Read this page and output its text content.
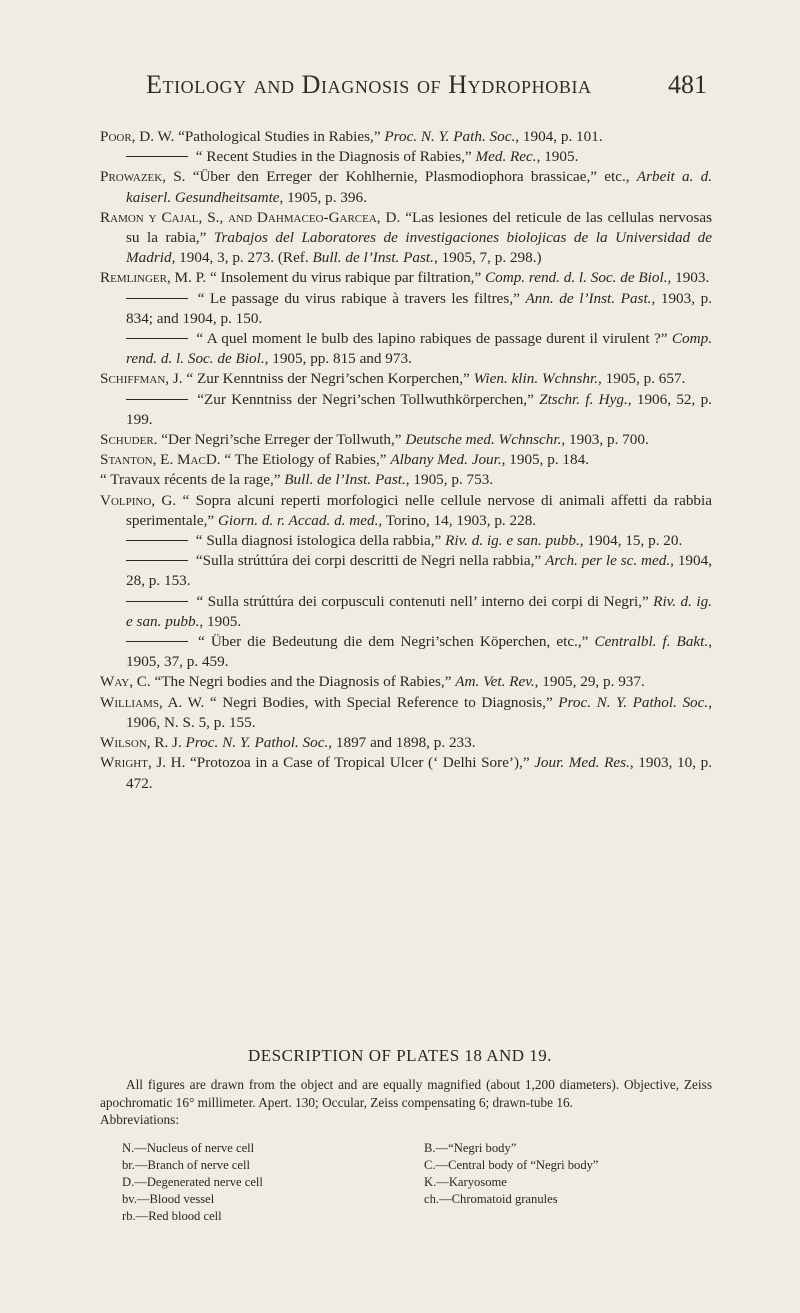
Etiology and Diagnosis of Hydrophobia	481

Poor, D. W. “Pathological Studies in Rabies,” Proc. N. Y. Path. Soc., 1904, p. 101.

“ Recent Studies in the Diagnosis of Rabies,” Med. Rec., 1905.

Prowazek, S. “Über den Erreger der Kohlhernie, Plasmodiophora brassicae,” etc., Arbeit a. d. kaiserl. Gesundheitsamte, 1905, p. 396.

Ramon y Cajal, S., and Dahmaceo-Garcea, D. “Las lesiones del reticule de las cellulas nervosas su la rabia,” Trabajos del Laboratores de investigaciones biolojicas de la Universidad de Madrid, 1904, 3, p. 273. (Ref. Bull. de l’Inst. Past., 1905, 7, p. 298.)

Remlinger, M. P. “ Insolement du virus rabique par filtration,” Comp. rend. d. l. Soc. de Biol., 1903.

“ Le passage du virus rabique à travers les filtres,” Ann. de l’Inst. Past., 1903, p. 834; and 1904, p. 150.

“ A quel moment le bulb des lapino rabiques de passage durent il virulent ?” Comp. rend. d. l. Soc. de Biol., 1905, pp. 815 and 973.

Schiffman, J. “ Zur Kenntniss der Negri’schen Korperchen,” Wien. klin. Wchnshr., 1905, p. 657.

“Zur Kenntniss der Negri’schen Tollwuthkörperchen,” Ztschr. f. Hyg., 1906, 52, p. 199.

Schuder. “Der Negri’sche Erreger der Tollwuth,” Deutsche med. Wchnschr., 1903, p. 700.

Stanton, E. MacD. “ The Etiology of Rabies,” Albany Med. Jour., 1905, p. 184.

“ Travaux récents de la rage,” Bull. de l’Inst. Past., 1905, p. 753.

Volpino, G. “ Sopra alcuni reperti morfologici nelle cellule nervose di animali affetti da rabbia sperimentale,” Giorn. d. r. Accad. d. med., Torino, 14, 1903, p. 228.

“ Sulla diagnosi istologica della rabbia,” Riv. d. ig. e san. pubb., 1904, 15, p. 20.

“Sulla strúttúra dei corpi descritti de Negri nella rabbia,” Arch. per le sc. med., 1904, 28, p. 153.

“ Sulla strúttúra dei corpusculi contenuti nell’ interno dei corpi di Negri,” Riv. d. ig. e san. pubb., 1905.

“ Über die Bedeutung die dem Negri’schen Köperchen, etc.,” Centralbl. f. Bakt., 1905, 37, p. 459.

Way, C. “The Negri bodies and the Diagnosis of Rabies,” Am. Vet. Rev., 1905, 29, p. 937.

Williams, A. W. “ Negri Bodies, with Special Reference to Diagnosis,” Proc. N. Y. Pathol. Soc., 1906, N. S. 5, p. 155.

Wilson, R. J. Proc. N. Y. Pathol. Soc., 1897 and 1898, p. 233.

Wright, J. H. “Protozoa in a Case of Tropical Ulcer (‘ Delhi Sore’),” Jour. Med. Res., 1903, 10, p. 472.

DESCRIPTION OF PLATES 18 AND 19.
All figures are drawn from the object and are equally magnified (about 1,200 diameters). Objective, Zeiss apochromatic 16° millimeter. Apert. 130; Occular, Zeiss compensating 6; drawn-tube 16.
Abbreviations:
N.—Nucleus of nerve cell
br.—Branch of nerve cell
D.—Degenerated nerve cell
bv.—Blood vessel
rb.—Red blood cell
B.—“Negri body”
C.—Central body of “Negri body”
K.—Karyosome
ch.—Chromatoid granules
